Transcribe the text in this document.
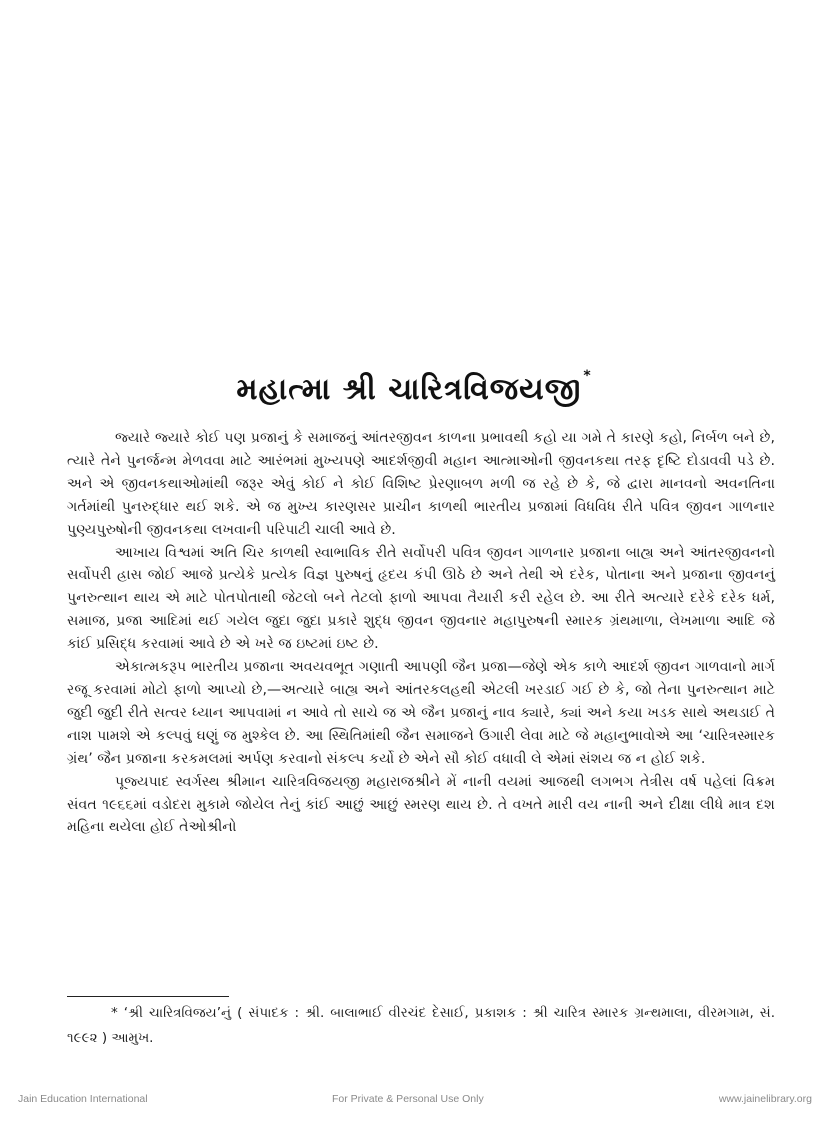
મહાત્મા શ્રી ચારિત્રવિજયજી *

જ્યારે જ્યારે કોઈ પણ પ્રજાનું કે સમાજનું આંતરજીવન કાળના પ્રભાવથી કહો યા ગમે તે કારણે કહો, નિર્બળ બને છે, ત્યારે તેને પુનર્જન્મ મેળવવા માટે આરંભમાં મુખ્યપણે આદર્શજીવી મહાન આત્માઓની જીવનકથા તરફ દૃષ્ટિ દોડાવવી પડે છે. અને એ જીવનકથાઓમાંથી જરૂર એવું કોઈ ને કોઈ વિશિષ્ટ પ્રેરણાબળ મળી જ રહે છે કે, જે દ્વારા માનવનો અવનતિના ગર્તમાંથી પુનરુદ્ધાર થઈ શકે. એ જ મુખ્ય કારણસર પ્રાચીન કાળથી ભારતીય પ્રજામાં વિધવિધ રીતે પવિત્ર જીવન ગાળનાર પુણ્યપુરુષોની જીવનકથા લખવાની પરિપાટી ચાલી આવે છે.

આખાય વિશ્વમાં અતિ ચિર કાળથી સ્વાભાવિક રીતે સર્વોપરી પવિત્ર જીવન ગાળનાર પ્રજાના બાહ્ય અને આંતરજીવનનો સર્વોપરી હ્રાસ જોઈ આજે પ્રત્યેકે પ્રત્યેક વિજ્ઞ પુરુષનું હૃદય કંપી ઊઠે છે અને તેથી એ દરેક, પોતાના અને પ્રજાના જીવનનું પુનરુત્થાન થાય એ માટે પોતપોતાથી જેટલો બને તેટલો ફાળો આપવા તૈયારી કરી રહેલ છે. આ રીતે અત્યારે દરેકે દરેક ધર્મ, સમાજ, પ્રજા આદિમાં થઈ ગયેલ જુદા જુદા પ્રકારે શુદ્ધ જીવન જીવનાર મહાપુરુષની સ્મારક ગ્રંથમાળા, લેખમાળા આદિ જે કાંઈ પ્રસિદ્ધ કરવામાં આવે છે એ ખરે જ ઇષ્ટમાં ઇષ્ટ છે.

એકાત્મકરૂપ ભારતીય પ્રજાના અવયવભૂત ગણાતી આપણી જૈન પ્રજા—જેણે એક કાળે આદર્શ જીવન ગાળવાનો માર્ગ રજૂ કરવામાં મોટો ફાળો આપ્યો છે,—અત્યારે બાહ્ય અને આંતરકલહથી એટલી ખરડાઈ ગઈ છે કે, જો તેના પુનરુત્થાન માટે જુદી જુદી રીતે સત્વર ધ્યાન આપવામાં ન આવે તો સાચે જ એ જૈન પ્રજાનું નાવ ક્યારે, ક્યાં અને કયા ખડક સાથે અથડાઈ તે નાશ પામશે એ કલ્પવું ઘણું જ મુશ્કેલ છે. આ સ્થિતિમાંથી જૈન સમાજને ઉગારી લેવા માટે જે મહાનુભાવોએ આ ‘ચારિત્રસ્મારક ગ્રંથ’ જૈન પ્રજાના કરકમલમાં અર્પણ કરવાનો સંકલ્પ કર્યો છે એને સૌ કોઈ વધાવી લે એમાં સંશય જ ન હોઈ શકે.

પૂજ્યપાદ સ્વર્ગસ્થ શ્રીમાન ચારિત્રવિજયજી મહારાજશ્રીને મેં નાની વયમાં આજથી લગભગ તેત્રીસ વર્ષ પહેલાં વિક્રમ સંવત ૧૯૬૬માં વડોદરા મુકામે જોયેલ તેનું કાંઈ આછું આછું સ્મરણ થાય છે. તે વખતે મારી વય નાની અને દીક્ષા લીધે માત્ર દશ મહિના થયેલા હોઈ તેઓશ્રીનો

* ‘શ્રી ચારિત્રવિજય’નું ( સંપાદક : શ્રી. બાલાભાઈ વીરચંદ દેસાઈ, પ્રકાશક : શ્રી ચારિત્ર સ્મારક ગ્રન્થમાલા, વીરમગામ, સં. ૧૯૯૨ ) આમુખ.

Jain Education International	For Private & Personal Use Only	www.jainelibrary.org
